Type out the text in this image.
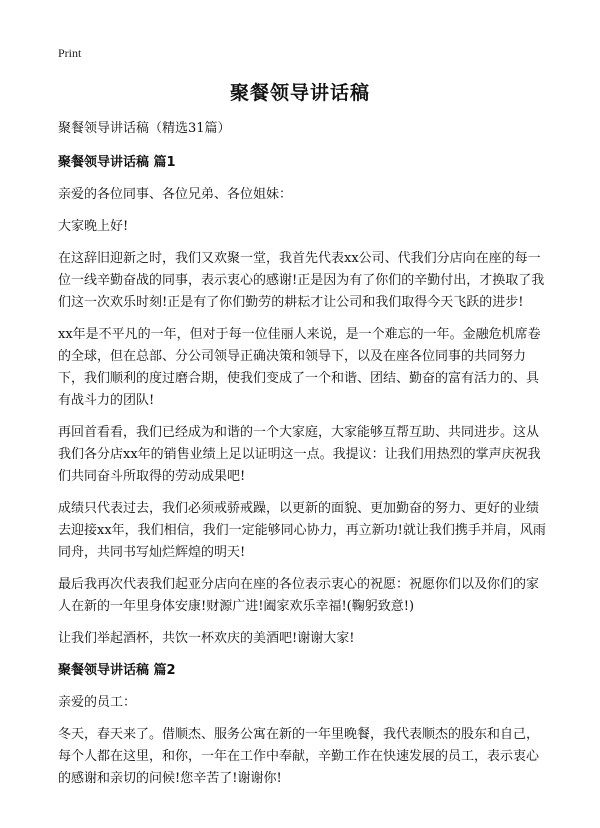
Print
聚餐领导讲话稿

聚餐领导讲话稿（精选31篇）

聚餐领导讲话稿 篇1

亲爱的各位同事、各位兄弟、各位姐妹：

大家晚上好!

在这辞旧迎新之时，我们又欢聚一堂，我首先代表xx公司、代我们分店向在座的每一位一线辛勤奋战的同事，表示衷心的感谢!正是因为有了你们的辛勤付出，才换取了我们这一次欢乐时刻!正是有了你们勤劳的耕耘才让公司和我们取得今天飞跃的进步!

xx年是不平凡的一年，但对于每一位佳丽人来说，是一个难忘的一年。金融危机席卷的全球，但在总部、分公司领导正确决策和领导下，以及在座各位同事的共同努力下，我们顺利的度过磨合期，使我们变成了一个和谐、团结、勤奋的富有活力的、具有战斗力的团队!

再回首看看，我们已经成为和谐的一个大家庭，大家能够互帮互助、共同进步。这从我们各分店xx年的销售业绩上足以证明这一点。我提议：让我们用热烈的掌声庆祝我们共同奋斗所取得的劳动成果吧!

成绩只代表过去，我们必须戒骄戒躁，以更新的面貌、更加勤奋的努力、更好的业绩去迎接xx年，我们相信，我们一定能够同心协力，再立新功!就让我们携手并肩，风雨同舟，共同书写灿烂辉煌的明天!

最后我再次代表我们起亚分店向在座的各位表示衷心的祝愿：祝愿你们以及你们的家人在新的一年里身体安康!财源广进!阖家欢乐幸福!(鞠躬致意!)

让我们举起酒杯，共饮一杯欢庆的美酒吧!谢谢大家!

聚餐领导讲话稿 篇2

亲爱的员工：

冬天，春天来了。借顺杰、服务公寓在新的一年里晚餐，我代表顺杰的股东和自己，每个人都在这里，和你，一年在工作中奉献，辛勤工作在快速发展的员工，表示衷心的感谢和亲切的问候!您辛苦了!谢谢你!
